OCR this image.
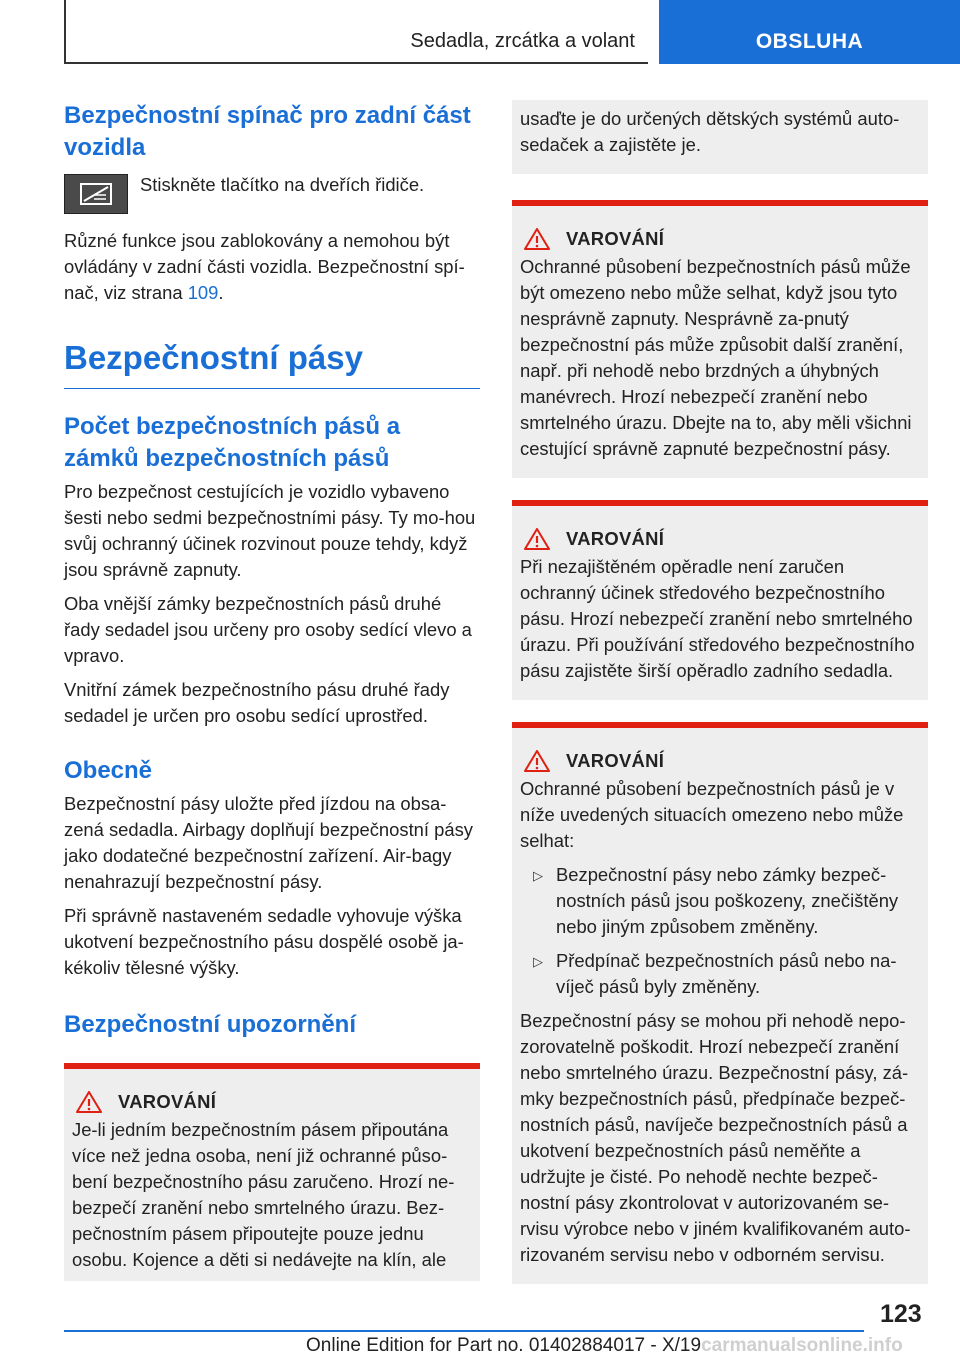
Sedadla, zrcátka a volant	OBSLUHA
Bezpečnostní spínač pro zadní část vozidla
Stiskněte tlačítko na dveřích řidiče.

Různé funkce jsou zablokovány a nemohou být ovládány v zadní části vozidla. Bezpečnostní spí‐nač, viz strana 109.

Bezpečnostní pásy
Počet bezpečnostních pásů a zámků bezpečnostních pásů

Pro bezpečnost cestujících je vozidlo vybaveno šesti nebo sedmi bezpečnostními pásy. Ty mo‐hou svůj ochranný účinek rozvinout pouze tehdy, když jsou správně zapnuty.

Oba vnější zámky bezpečnostních pásů druhé řady sedadel jsou určeny pro osoby sedící vlevo a vpravo.

Vnitřní zámek bezpečnostního pásu druhé řady sedadel je určen pro osobu sedící uprostřed.

Obecně

Bezpečnostní pásy uložte před jízdou na obsa‐zená sedadla. Airbagy doplňují bezpečnostní pásy jako dodatečné bezpečnostní zařízení. Air‐bagy nenahrazují bezpečnostní pásy.

Při správně nastaveném sedadle vyhovuje výška ukotvení bezpečnostního pásu dospělé osobě ja‐kékoliv tělesné výšky.

Bezpečnostní upozornění
VAROVÁNÍ

Je-li jedním bezpečnostním pásem připoutána více než jedna osoba, není již ochranné půso‐bení bezpečnostního pásu zaručeno. Hrozí ne‐bezpečí zranění nebo smrtelného úrazu. Bez‐pečnostním pásem připoutejte pouze jednu osobu. Kojence a děti si nedávejte na klín, ale

usaďte je do určených dětských systémů auto‐sedaček a zajistěte je.

VAROVÁNÍ

Ochranné působení bezpečnostních pásů může být omezeno nebo může selhat, když jsou tyto nesprávně zapnuty. Nesprávně za‐pnutý bezpečnostní pás může způsobit další zranění, např. při nehodě nebo brzdných a úhybných manévrech. Hrozí nebezpečí zranění nebo smrtelného úrazu. Dbejte na to, aby měli všichni cestující správně zapnuté bezpečnostní pásy.

VAROVÁNÍ

Při nezajištěném opěradle není zaručen ochranný účinek středového bezpečnostního pásu. Hrozí nebezpečí zranění nebo smrtelného úrazu. Při používání středového bezpečnostního pásu zajistěte širší opěradlo zadního sedadla.

VAROVÁNÍ

Ochranné působení bezpečnostních pásů je v níže uvedených situacích omezeno nebo může selhat:

▷ Bezpečnostní pásy nebo zámky bezpeč‐nostních pásů jsou poškozeny, znečištěny nebo jiným způsobem změněny.
▷ Předpínač bezpečnostních pásů nebo na‐víječ pásů byly změněny.

Bezpečnostní pásy se mohou při nehodě nepo‐zorovatelně poškodit. Hrozí nebezpečí zranění nebo smrtelného úrazu. Bezpečnostní pásy, zá‐mky bezpečnostních pásů, předpínače bezpeč‐nostních pásů, navíječe bezpečnostních pásů a ukotvení bezpečnostních pásů neměňte a udržujte je čisté. Po nehodě nechte bezpeč‐nostní pásy zkontrolovat v autorizovaném se‐rvisu výrobce nebo v jiném kvalifikovaném auto‐rizovaném servisu nebo v odborném servisu.

123
Online Edition for Part no. 01402884017 - X/19carmanualsonline.info
